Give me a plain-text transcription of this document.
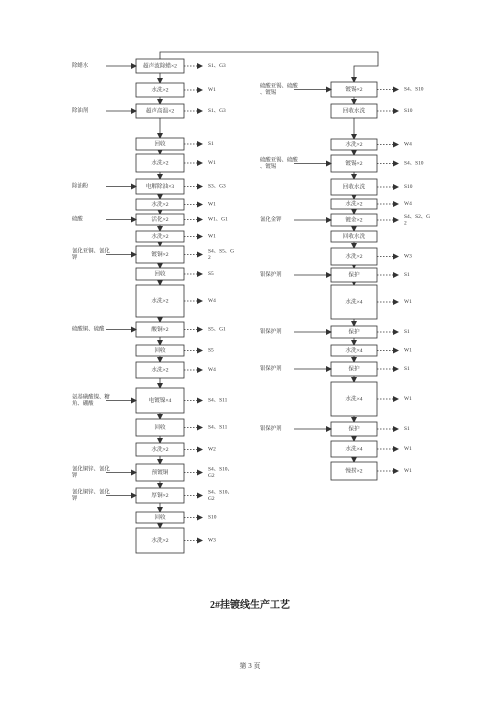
超声波除蜡×2
除蜡水	S1、G3
水洗×2	W1
超声高温×2
除油剂	S1、G3
回收	S1
水洗×2	W1
电解除油×3
除油粉	S3、G3
水洗×2	W1
活化×2
硫酸	W1、G1
水洗×2	W1
镀铜×2
氰化亚铜、氰化
钾
S4、S5、G
2
回收	S5
水洗×2	W4
酸铜×2
硫酸铜、硫酸	S5、G1
回收	S5
水洗×2	W4
电镀镍×4
氨基磺酸镍、糖
角、硼酸
S4、S11
回收	S4、S11
水洗×2	W2
预镀铜
氰化铜锌、氰化
钾
S4、S10、
G2
厚铜×2
氰化铜锌、氰化
钾
S4、S10、
G2
回收	S10
水洗×2	W3
镀锡×2
硫酸亚锡、硫酸
、镀锡
S4、S10
回收水洗	S10
水洗×2	W4
镀锡×2
硫酸亚锡、硫酸
、镀锡
S4、S10
回收水洗	S10
水洗×2	W4
镀金×2
氰化金钾
S4、S2、G
2
回收水洗
水洗×2	W3
保护
银保护剂	S1
水洗×4	W1
保护
银保护剂	S1
水洗×4	W1
保护
银保护剂	S1
水洗×4	W1
保护
银保护剂	S1
水洗×4	W1
慢捞×2	W1
2#挂镀线生产工艺
第 3 页
